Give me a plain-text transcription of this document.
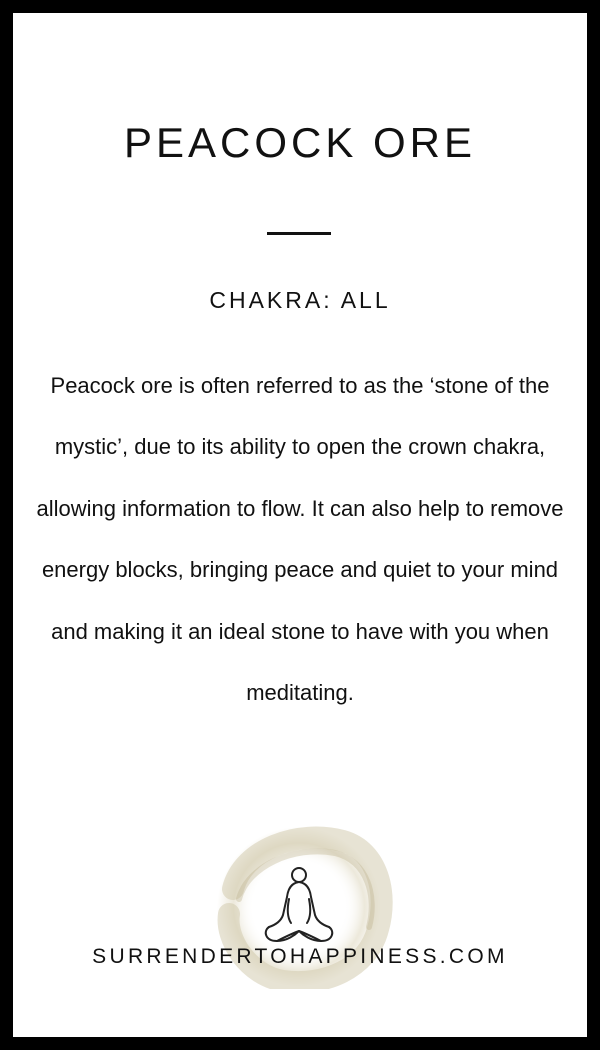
PEACOCK ORE
CHAKRA: ALL

Peacock ore is often referred to as the ‘stone of the mystic’, due to its ability to open the crown chakra, allowing information to flow. It can also help to remove energy blocks, bringing peace and quiet to your mind and making it an ideal stone to have with you when meditating.

SURRENDERTOHAPPINESS.COM
